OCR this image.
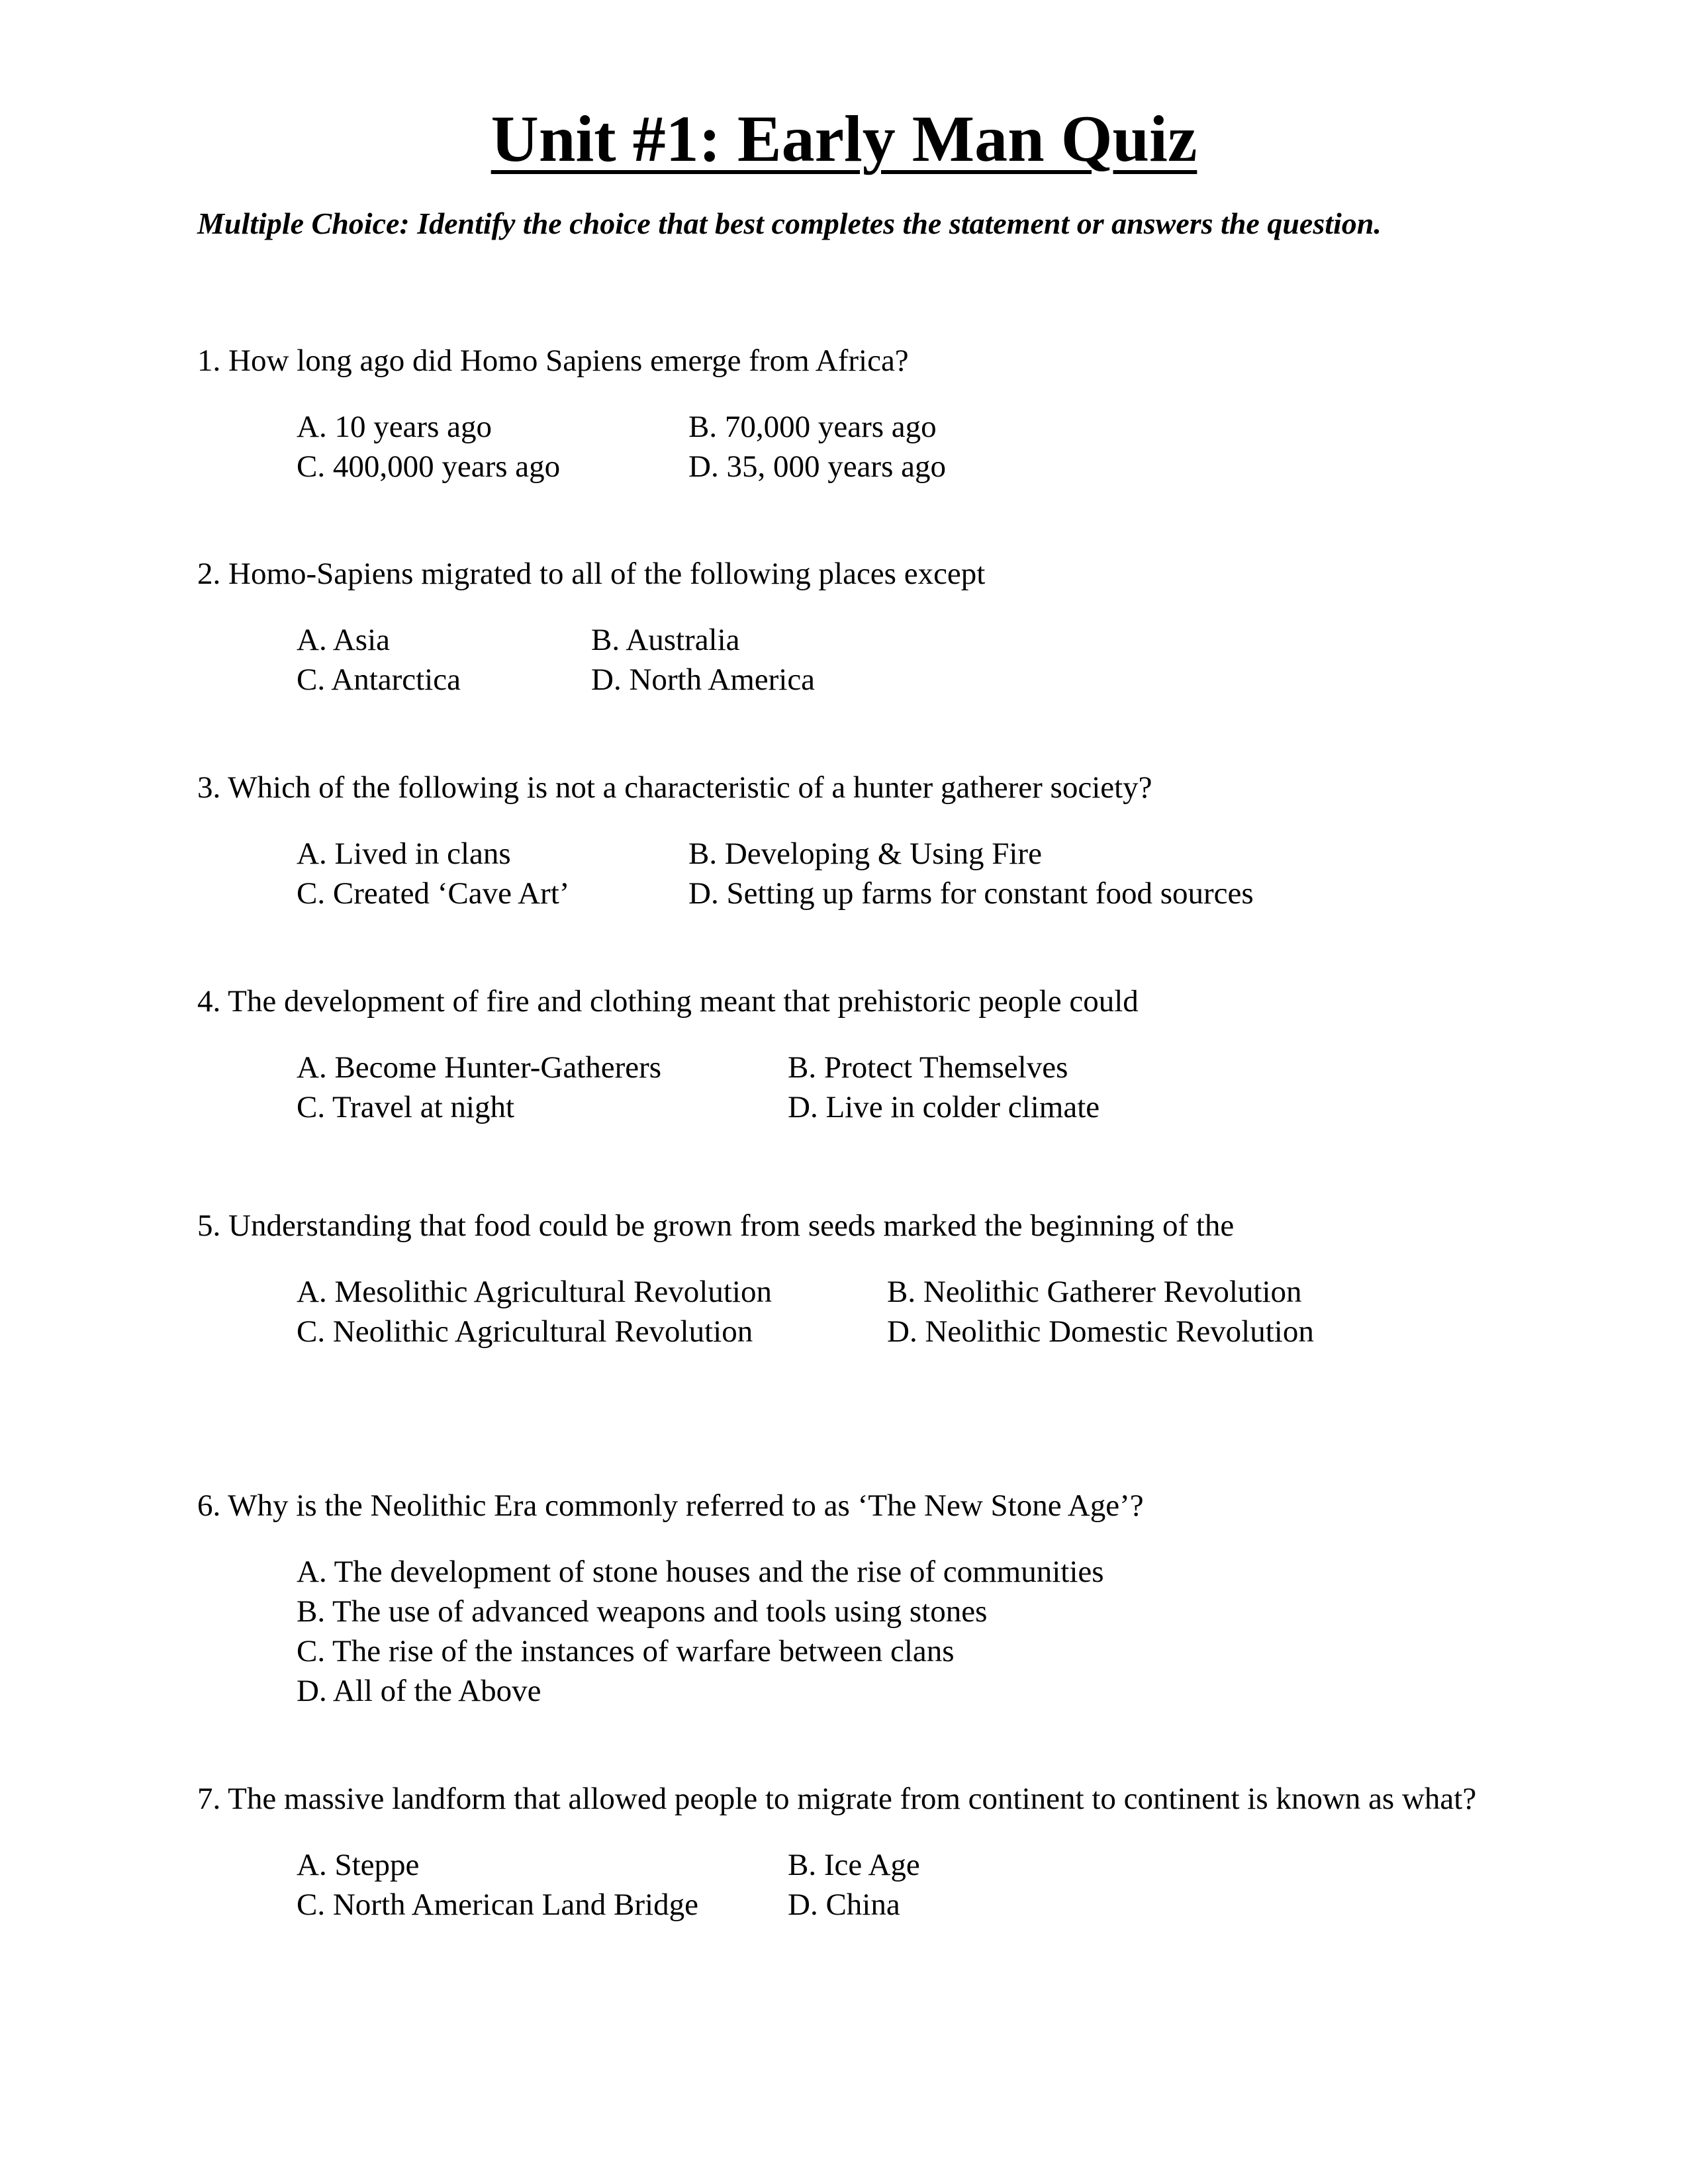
Unit #1: Early Man Quiz

Multiple Choice: Identify the choice that best completes the statement or answers the question.

1. How long ago did Homo Sapiens emerge from Africa?

A. 10 years ago	B. 70,000 years ago
C. 400,000 years ago	D. 35, 000 years ago

2. Homo-Sapiens migrated to all of the following places except

A. Asia	B. Australia
C. Antarctica	D. North America

3. Which of the following is not a characteristic of a hunter gatherer society?

A. Lived in clans	B. Developing & Using Fire
C. Created ‘Cave Art’	D. Setting up farms for constant food sources

4. The development of fire and clothing meant that prehistoric people could

A. Become Hunter-Gatherers	B. Protect Themselves
C. Travel at night	D. Live in colder climate

5. Understanding that food could be grown from seeds marked the beginning of the

A. Mesolithic Agricultural Revolution	B. Neolithic Gatherer Revolution
C. Neolithic Agricultural Revolution	D. Neolithic Domestic Revolution

6. Why is the Neolithic Era commonly referred to as ‘The New Stone Age’?

A. The development of stone houses and the rise of communities
B. The use of advanced weapons and tools using stones
C. The rise of the instances of warfare between clans
D. All of the Above

7. The massive landform that allowed people to migrate from continent to continent is known as what?

A. Steppe	B. Ice Age
C. North American Land Bridge	D. China
